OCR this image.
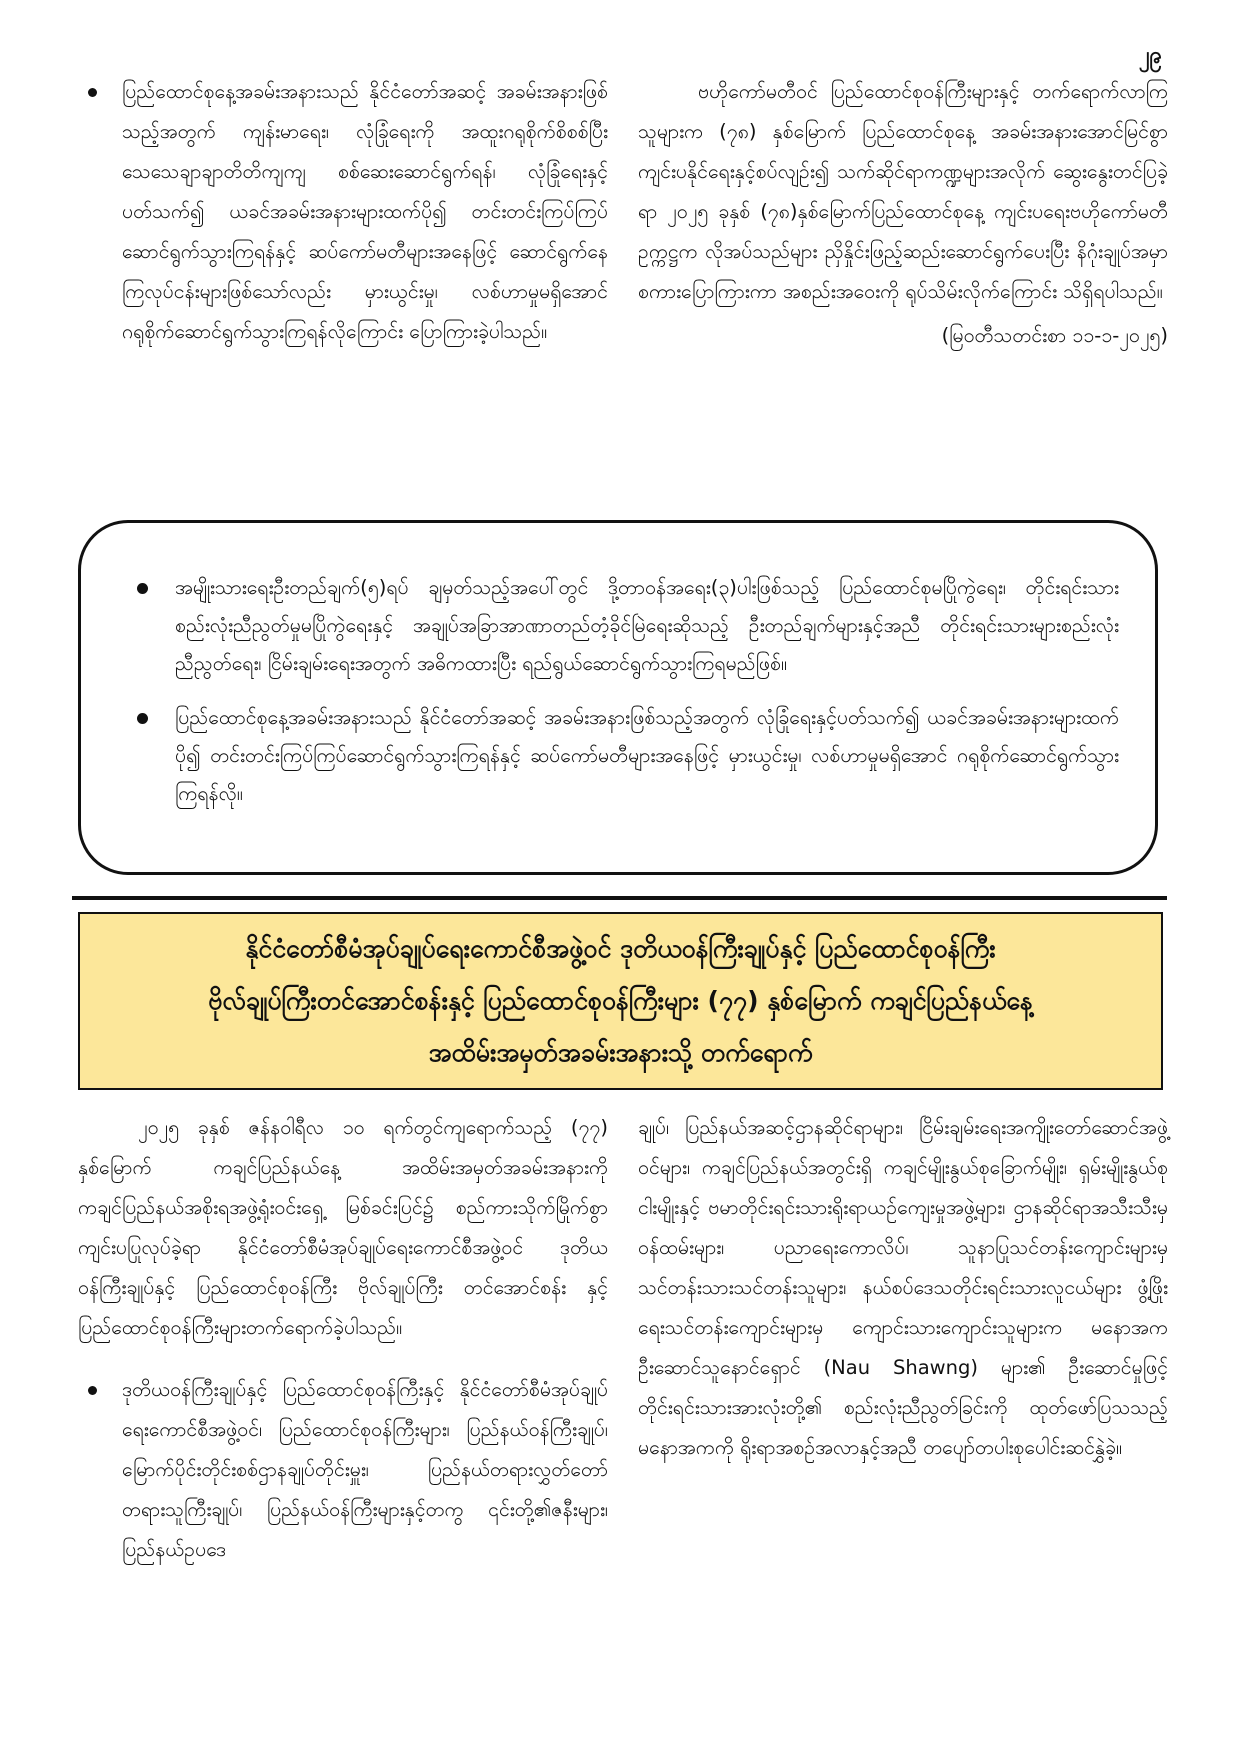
၂၉

ပြည်ထောင်စုနေ့အခမ်းအနားသည် နိုင်ငံတော်အဆင့် အခမ်းအနားဖြစ်သည့်အတွက် ကျန်းမာရေး၊ လုံခြုံရေးကို အထူးဂရုစိုက်စိစစ်ပြီး သေသေချာချာတိတိကျကျ စစ်ဆေးဆောင်ရွက်ရန်၊ လုံခြုံရေးနှင့်ပတ်သက်၍ ယခင်အခမ်းအနားများထက်ပို၍ တင်းတင်းကြပ်ကြပ်ဆောင်ရွက်သွားကြရန်နှင့် ဆပ်ကော်မတီများအနေဖြင့် ဆောင်ရွက်နေကြလုပ်ငန်းများဖြစ်သော်လည်း မှားယွင်းမှု၊ လစ်ဟာမှုမရှိအောင် ဂရုစိုက်ဆောင်ရွက်သွားကြရန်လိုကြောင်း ပြောကြားခဲ့ပါသည်။

ဗဟိုကော်မတီဝင် ပြည်ထောင်စုဝန်ကြီးများနှင့် တက်ရောက်လာကြသူများက (၇၈) နှစ်မြောက် ပြည်ထောင်စုနေ့ အခမ်းအနားအောင်မြင်စွာကျင်းပနိုင်ရေးနှင့်စပ်လျဉ်း၍ သက်ဆိုင်ရာကဏ္ဍများအလိုက် ဆွေးနွေးတင်ပြခဲ့ရာ ၂၀၂၅ ခုနှစ် (၇၈)နှစ်မြောက်ပြည်ထောင်စုနေ့ ကျင်းပရေးဗဟိုကော်မတီဥက္ကဋ္ဌက လိုအပ်သည်များ ညှိနှိုင်းဖြည့်ဆည်းဆောင်ရွက်ပေးပြီး နိဂုံးချုပ်အမှာစကားပြောကြားကာ အစည်းအဝေးကို ရုပ်သိမ်းလိုက်ကြောင်း သိရှိရပါသည်။

(မြဝတီသတင်းစာ ၁၁-၁-၂၀၂၅)

အမျိုးသားရေးဦးတည်ချက်(၅)ရပ် ချမှတ်သည့်အပေါ်တွင် ဒို့တာဝန်အရေး(၃)ပါးဖြစ်သည့် ပြည်ထောင်စုမပြိုကွဲရေး၊ တိုင်းရင်းသားစည်းလုံးညီညွတ်မှုမပြိုကွဲရေးနှင့် အချုပ်အခြာအာဏာတည်တံ့ခိုင်မြဲရေးဆိုသည့် ဦးတည်ချက်များနှင့်အညီ တိုင်းရင်းသားများစည်းလုံးညီညွတ်ရေး၊ ငြိမ်းချမ်းရေးအတွက် အဓိကထားပြီး ရည်ရွယ်ဆောင်ရွက်သွားကြရမည်ဖြစ်။

ပြည်ထောင်စုနေ့အခမ်းအနားသည် နိုင်ငံတော်အဆင့် အခမ်းအနားဖြစ်သည့်အတွက် လုံခြုံရေးနှင့်ပတ်သက်၍ ယခင်အခမ်းအနားများထက်ပို၍ တင်းတင်းကြပ်ကြပ်ဆောင်ရွက်သွားကြရန်နှင့် ဆပ်ကော်မတီများအနေဖြင့် မှားယွင်းမှု၊ လစ်ဟာမှုမရှိအောင် ဂရုစိုက်ဆောင်ရွက်သွားကြရန်လို။

နိုင်ငံတော်စီမံအုပ်ချုပ်ရေးကောင်စီအဖွဲ့ဝင် ဒုတိယဝန်ကြီးချုပ်နှင့် ပြည်ထောင်စုဝန်ကြီး
ဗိုလ်ချုပ်ကြီးတင်အောင်စန်းနှင့် ပြည်ထောင်စုဝန်ကြီးများ (၇၇) နှစ်မြောက် ကချင်ပြည်နယ်နေ့
အထိမ်းအမှတ်အခမ်းအနားသို့ တက်ရောက်

၂၀၂၅ ခုနှစ် ဇန်နဝါရီလ ၁၀ ရက်တွင်ကျရောက်သည့် (၇၇) နှစ်မြောက် ကချင်ပြည်နယ်နေ့ အထိမ်းအမှတ်အခမ်းအနားကို ကချင်ပြည်နယ်အစိုးရအဖွဲ့ရုံးဝင်းရှေ့ မြစ်ခင်းပြင်၌ စည်ကားသိုက်မြိုက်စွာကျင်းပပြုလုပ်ခဲ့ရာ နိုင်ငံတော်စီမံအုပ်ချုပ်ရေးကောင်စီအဖွဲ့ဝင် ဒုတိယဝန်ကြီးချုပ်နှင့် ပြည်ထောင်စုဝန်ကြီး ဗိုလ်ချုပ်ကြီး တင်အောင်စန်း နှင့် ပြည်ထောင်စုဝန်ကြီးများတက်ရောက်ခဲ့ပါသည်။

ဒုတိယဝန်ကြီးချုပ်နှင့် ပြည်ထောင်စုဝန်ကြီးနှင့် နိုင်ငံတော်စီမံအုပ်ချုပ်ရေးကောင်စီအဖွဲ့ဝင်၊ ပြည်ထောင်စုဝန်ကြီးများ၊ ပြည်နယ်ဝန်ကြီးချုပ်၊ မြောက်ပိုင်းတိုင်းစစ်ဌာနချုပ်တိုင်းမှူး၊ ပြည်နယ်တရားလွှတ်တော်တရားသူကြီးချုပ်၊ ပြည်နယ်ဝန်ကြီးများနှင့်တကွ ၎င်းတို့၏ဇနီးများ၊ ပြည်နယ်ဥပဒေ

ချုပ်၊ ပြည်နယ်အဆင့်ဌာနဆိုင်ရာများ၊ ငြိမ်းချမ်းရေးအကျိုးတော်ဆောင်အဖွဲ့ဝင်များ၊ ကချင်ပြည်နယ်အတွင်းရှိ ကချင်မျိုးနွယ်စုခြောက်မျိုး၊ ရှမ်းမျိုးနွယ်စုငါးမျိုးနှင့် ဗမာတိုင်းရင်းသားရိုးရာယဉ်ကျေးမှုအဖွဲ့များ၊ ဌာနဆိုင်ရာအသီးသီးမှဝန်ထမ်းများ၊ ပညာရေးကောလိပ်၊ သူနာပြုသင်တန်းကျောင်းများမှ သင်တန်းသားသင်တန်းသူများ၊ နယ်စပ်ဒေသတိုင်းရင်းသားလူငယ်များ ဖွံ့ဖြိုးရေးသင်တန်းကျောင်းများမှ ကျောင်းသားကျောင်းသူများက မနောအကဦးဆောင်သူနောင်ရှောင် (Nau Shawng) များ၏ ဦးဆောင်မှုဖြင့် တိုင်းရင်းသားအားလုံးတို့၏ စည်းလုံးညီညွတ်ခြင်းကို ထုတ်ဖော်ပြသသည့်မနောအကကို ရိုးရာအစဉ်အလာနှင့်အညီ တပျော်တပါးစုပေါင်းဆင်နွှဲခဲ့။
